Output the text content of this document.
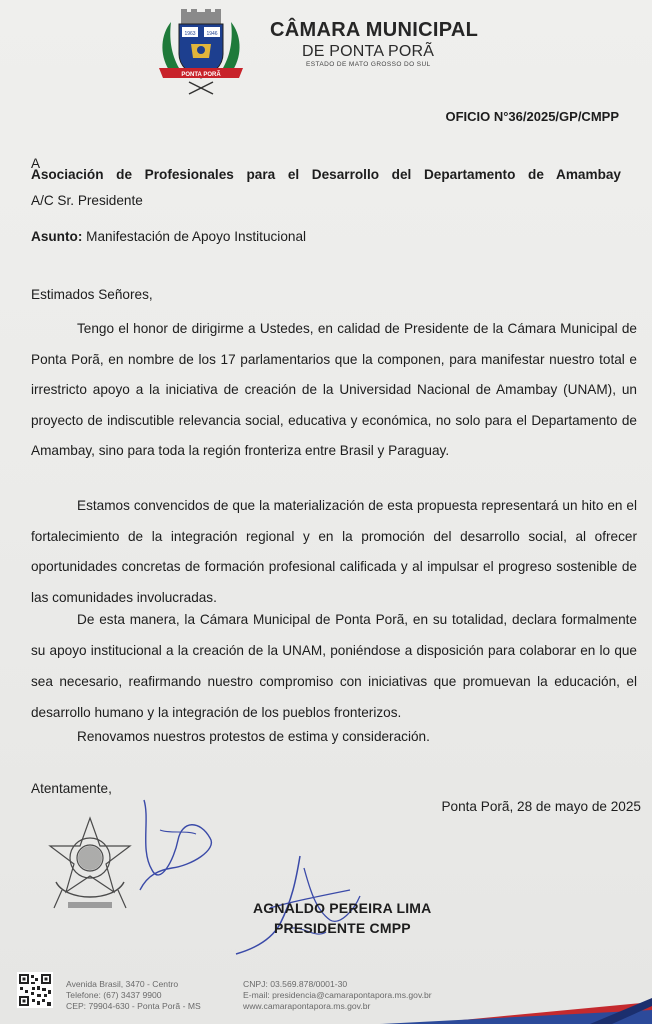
1963 1946
PONTA PORÃ
CÂMARA MUNICIPAL
DE PONTA PORÃ
ESTADO DE MATO GROSSO DO SUL
OFICIO N°36/2025/GP/CMPP
A
Asociación de Profesionales para el Desarrollo del Departamento de Amambay
A/C Sr. Presidente
Asunto: Manifestación de Apoyo Institucional
Estimados Señores,

Tengo el honor de dirigirme a Ustedes, en calidad de Presidente de la Cámara Municipal de Ponta Porã, en nombre de los 17 parlamentarios que la componen, para manifestar nuestro total e irrestricto apoyo a la iniciativa de creación de la Universidad Nacional de Amambay (UNAM), un proyecto de indiscutible relevancia social, educativa y económica, no solo para el Departamento de Amambay, sino para toda la región fronteriza entre Brasil y Paraguay.

Estamos convencidos de que la materialización de esta propuesta representará un hito en el fortalecimiento de la integración regional y en la promoción del desarrollo social, al ofrecer oportunidades concretas de formación profesional calificada y al impulsar el progreso sostenible de las comunidades involucradas.

De esta manera, la Cámara Municipal de Ponta Porã, en su totalidad, declara formalmente su apoyo institucional a la creación de la UNAM, poniéndose a disposición para colaborar en lo que sea necesario, reafirmando nuestro compromiso con iniciativas que promuevan la educación, el desarrollo humano y la integración de los pueblos fronterizos.

Renovamos nuestros protestos de estima y consideración.

Atentamente,
Ponta Porã, 28 de mayo de 2025
AGNALDO PEREIRA LIMA
PRESIDENTE CMPP
Avenida Brasil, 3470 - Centro
Telefone: (67) 3437 9900
CEP: 79904-630 - Ponta Porã - MS
CNPJ: 03.569.878/0001-30
E-mail: presidencia@camarapontapora.ms.gov.br
www.camarapontapora.ms.gov.br
